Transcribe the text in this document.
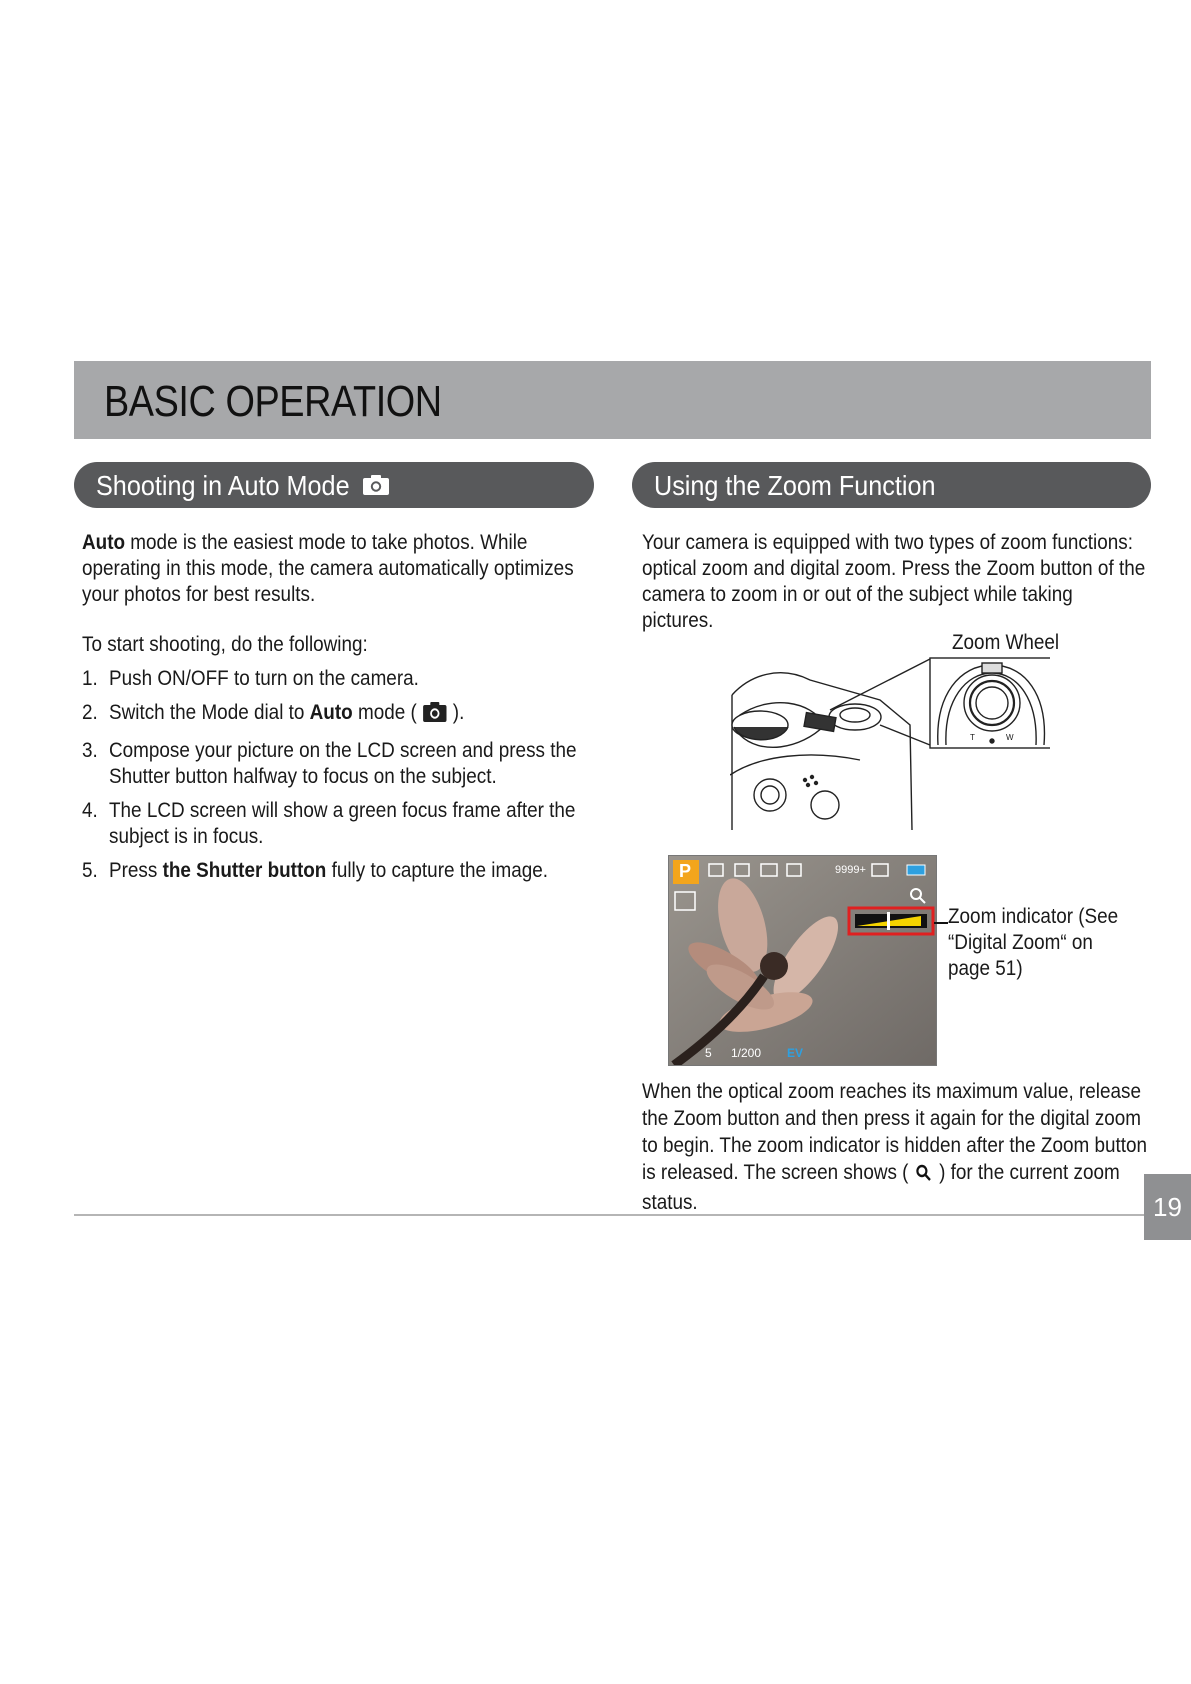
BASIC OPERATION
Shooting in Auto Mode	Using the Zoom Function

Auto mode is the easiest mode to take photos. While operating in this mode, the camera automatically optimizes your photos for best results.

To start shooting, do the following:

1. Push ON/OFF to turn on the camera.
2. Switch the Mode dial to Auto mode ( ).
3. Compose your picture on the LCD screen and press the Shutter button halfway to focus on the subject.
4. The LCD screen will show a green focus frame after the subject is in focus.
5. Press the Shutter button fully to capture the image.

Your camera is equipped with two types of zoom functions: optical zoom and digital zoom. Press the Zoom button of the camera to zoom in or out of the subject while taking pictures.

Zoom Wheel
T	W
P	9999+
5 1/200 EV
Zoom indicator (See “Digital Zoom“ on page 51)
When the optical zoom reaches its maximum value, release the Zoom button and then press it again for the digital zoom to begin. The zoom indicator is hidden after the Zoom button is released. The screen shows ( ) for the current zoom status.	19
